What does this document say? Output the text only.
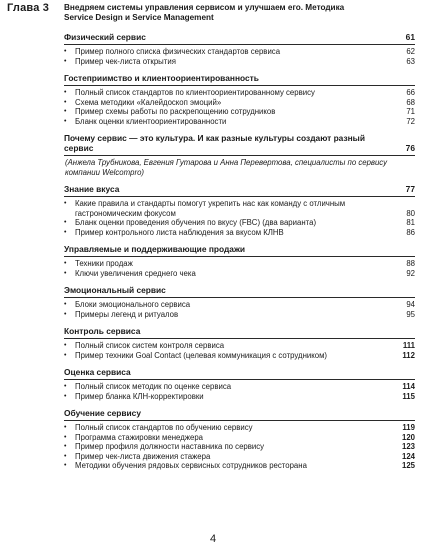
Глава 3 Внедряем системы управления сервисом и улучшаем его. Методика Service Design и Service Management
Физический сервис	61
•	Пример полного списка физических стандартов сервиса	62
•	Пример чек-листа открытия	63
Гостеприимство и клиентоориентированность
•	Полный список стандартов по клиентоориентированному сервису	66
•	Схема методики «Калейдоскоп эмоций»	68
•	Пример схемы работы по раскрепощению сотрудников	71
•	Бланк оценки клиентоориентированности	72
Почему сервис — это культура. И как разные культуры создают разный сервис	76
(Анжела Трубникова, Евгения Гутарова и Анна Перевертова, специалисты по сервису компании Welcompro)
Знание вкуса	77
•	Какие правила и стандарты помогут укрепить нас как команду с отличным гастрономическим фокусом	80
•	Бланк оценки проведения обучения по вкусу (FBC) (два варианта)	81
•	Пример контрольного листа наблюдения за вкусом КЛНВ	86
Управляемые и поддерживающие продажи
•	Техники продаж	88
•	Ключи увеличения среднего чека	92
Эмоциональный сервис
•	Блоки эмоционального сервиса	94
•	Примеры легенд и ритуалов	95
Контроль сервиса
•	Полный список систем контроля сервиса	111
•	Пример техники Goal Contact (целевая коммуникация с сотрудником)	112
Оценка сервиса
•	Полный список методик по оценке сервиса	114
•	Пример бланка КЛН-корректировки	115
Обучение сервису
•	Полный список стандартов по обучению сервису	119
•	Программа стажировки менеджера	120
•	Пример профиля должности наставника по сервису	123
•	Пример чек-листа движения стажера	124
•	Методики обучения рядовых сервисных сотрудников ресторана	125
4
